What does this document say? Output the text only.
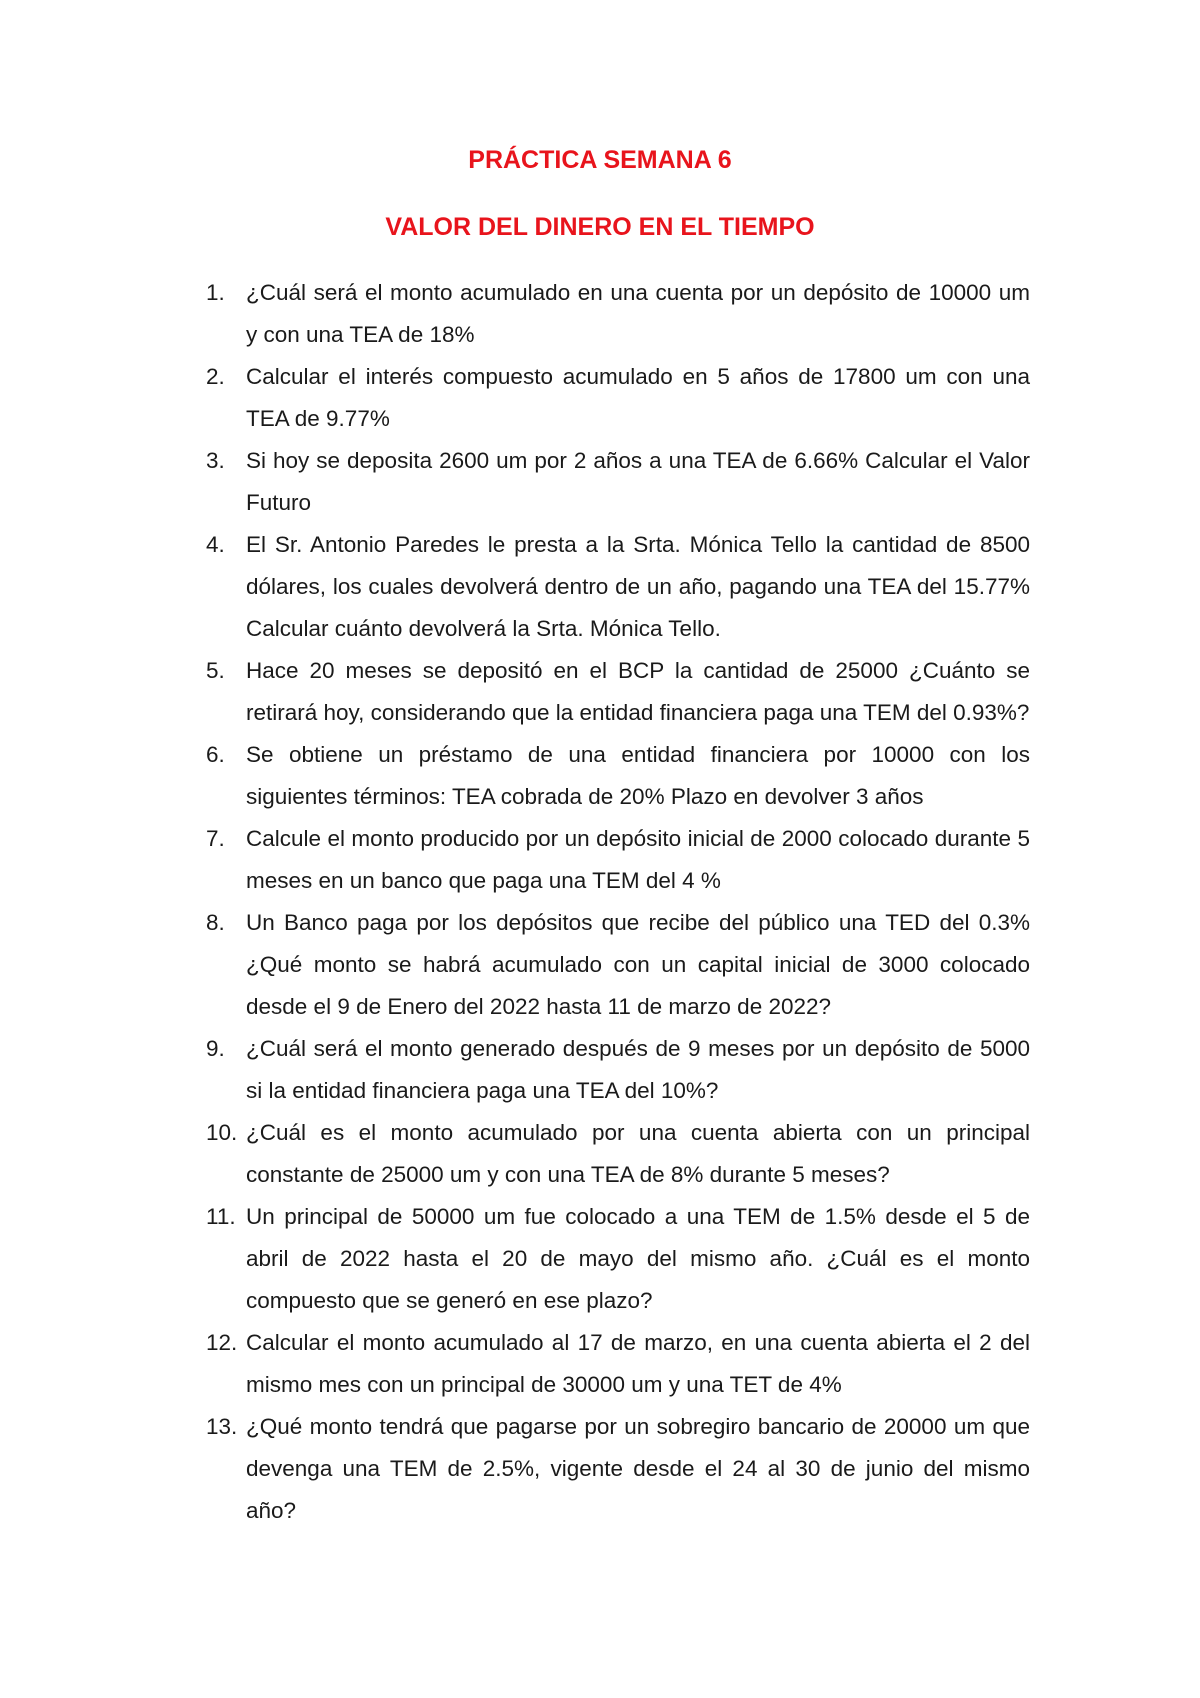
PRÁCTICA SEMANA 6
VALOR DEL DINERO EN EL TIEMPO
1. ¿Cuál será el monto acumulado en una cuenta por un depósito de 10000 um y con una TEA de 18%
2. Calcular el interés compuesto acumulado en 5 años de 17800 um con una TEA de 9.77%
3. Si hoy se deposita 2600 um por 2 años a una TEA de 6.66% Calcular el Valor Futuro
4. El Sr. Antonio Paredes le presta a la Srta. Mónica Tello la cantidad de 8500 dólares, los cuales devolverá dentro de un año, pagando una TEA del 15.77% Calcular cuánto devolverá la Srta. Mónica Tello.
5. Hace 20 meses se depositó en el BCP la cantidad de 25000 ¿Cuánto se retirará hoy, considerando que la entidad financiera paga una TEM del 0.93%?
6. Se obtiene un préstamo de una entidad financiera por 10000 con los siguientes términos: TEA cobrada de 20% Plazo en devolver 3 años
7. Calcule el monto producido por un depósito inicial de 2000 colocado durante 5 meses en un banco que paga una TEM del 4 %
8. Un Banco paga por los depósitos que recibe del público una TED del 0.3% ¿Qué monto se habrá acumulado con un capital inicial de 3000 colocado desde el 9 de Enero del 2022 hasta 11 de marzo de 2022?
9. ¿Cuál será el monto generado después de 9 meses por un depósito de 5000 si la entidad financiera paga una TEA del 10%?
10. ¿Cuál es el monto acumulado por una cuenta abierta con un principal constante de 25000 um y con una TEA de 8% durante 5 meses?
11. Un principal de 50000 um fue colocado a una TEM de 1.5% desde el 5 de abril de 2022 hasta el 20 de mayo del mismo año. ¿Cuál es el monto compuesto que se generó en ese plazo?
12. Calcular el monto acumulado al 17 de marzo, en una cuenta abierta el 2 del mismo mes con un principal de 30000 um y una TET de 4%
13. ¿Qué monto tendrá que pagarse por un sobregiro bancario de 20000 um que devenga una TEM de 2.5%, vigente desde el 24 al 30 de junio del mismo año?
